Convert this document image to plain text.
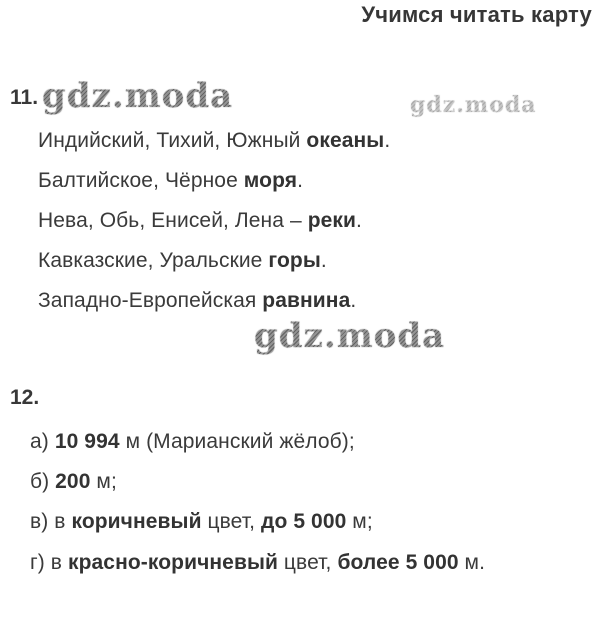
Учимся читать карту
11. gdz.moda	gdz.moda
Индийский, Тихий, Южный океаны.
Балтийское, Чёрное моря.
Нева, Обь, Енисей, Лена – реки.
Кавказские, Уральские горы.
Западно-Европейская равнина.
gdz.moda
12.
а) 10 994 м (Марианский жёлоб);
б) 200 м;
в) в коричневый цвет, до 5 000 м;
г) в красно-коричневый цвет, более 5 000 м.
